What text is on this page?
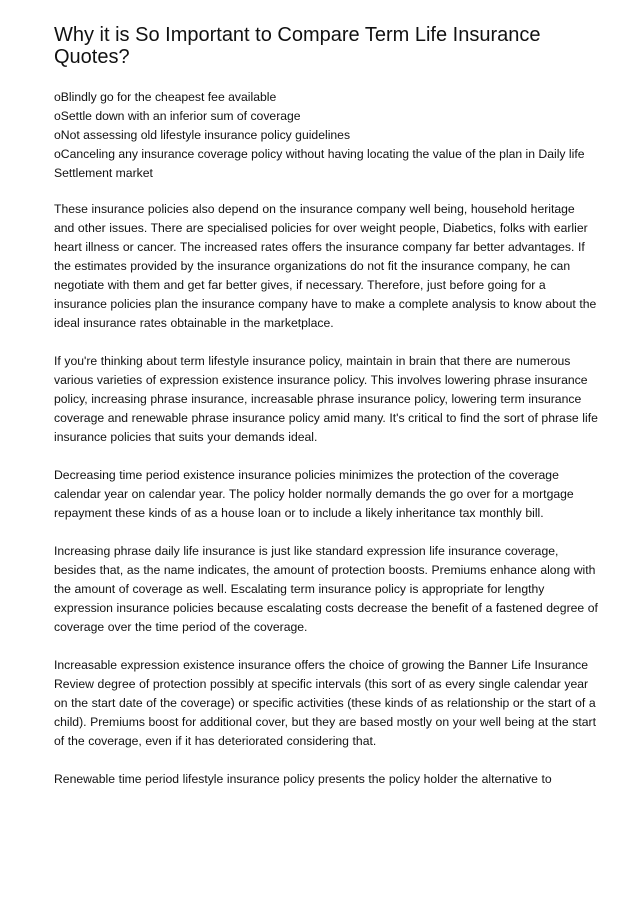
Why it is So Important to Compare Term Life Insurance Quotes?
oBlindly go for the cheapest fee available
oSettle down with an inferior sum of coverage
oNot assessing old lifestyle insurance policy guidelines
oCanceling any insurance coverage policy without having locating the value of the plan in Daily life Settlement market

These insurance policies also depend on the insurance company well being, household heritage and other issues. There are specialised policies for over weight people, Diabetics, folks with earlier heart illness or cancer. The increased rates offers the insurance company far better advantages. If the estimates provided by the insurance organizations do not fit the insurance company, he can negotiate with them and get far better gives, if necessary. Therefore, just before going for a insurance policies plan the insurance company have to make a complete analysis to know about the ideal insurance rates obtainable in the marketplace.

If you're thinking about term lifestyle insurance policy, maintain in brain that there are numerous various varieties of expression existence insurance policy. This involves lowering phrase insurance policy, increasing phrase insurance, increasable phrase insurance policy, lowering term insurance coverage and renewable phrase insurance policy amid many. It's critical to find the sort of phrase life insurance policies that suits your demands ideal.

Decreasing time period existence insurance policies minimizes the protection of the coverage calendar year on calendar year. The policy holder normally demands the go over for a mortgage repayment these kinds of as a house loan or to include a likely inheritance tax monthly bill.

Increasing phrase daily life insurance is just like standard expression life insurance coverage, besides that, as the name indicates, the amount of protection boosts. Premiums enhance along with the amount of coverage as well. Escalating term insurance policy is appropriate for lengthy expression insurance policies because escalating costs decrease the benefit of a fastened degree of coverage over the time period of the coverage.

Increasable expression existence insurance offers the choice of growing the Banner Life Insurance Review degree of protection possibly at specific intervals (this sort of as every single calendar year on the start date of the coverage) or specific activities (these kinds of as relationship or the start of a child). Premiums boost for additional cover, but they are based mostly on your well being at the start of the coverage, even if it has deteriorated considering that.

Renewable time period lifestyle insurance policy presents the policy holder the alternative to
